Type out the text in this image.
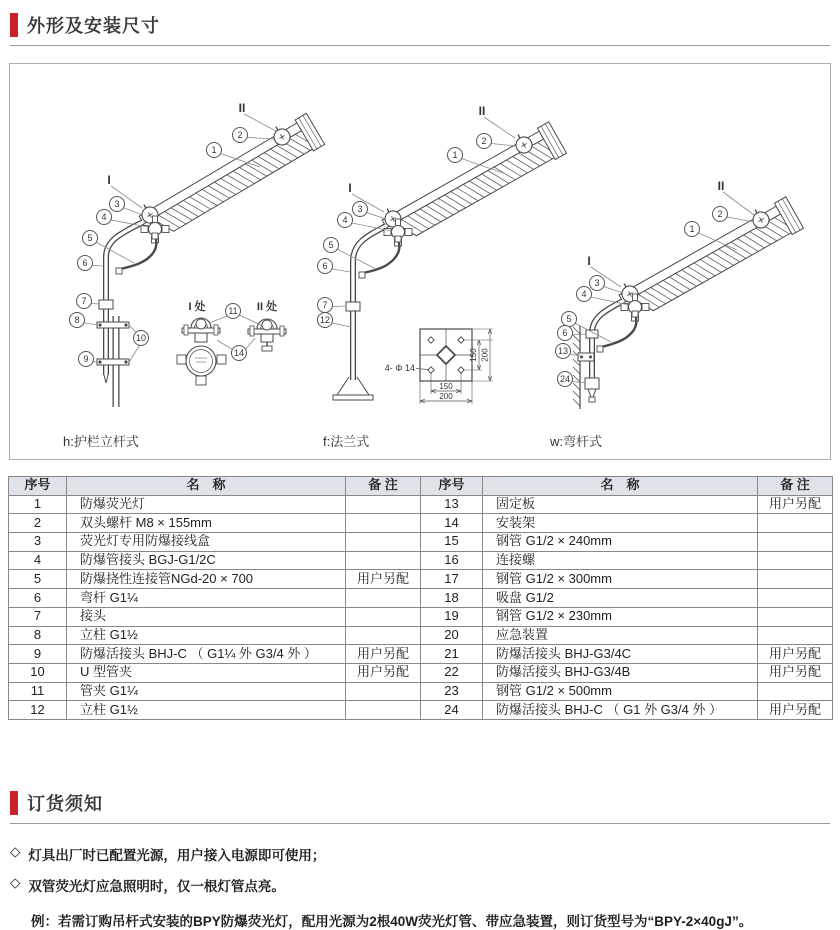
外形及安装尺寸
I 处	II 处
150 200
150
200
4- Φ 14
II
2
1
I
3
4
5
6
7
8
10
9
11
14
II
2
1
I
3
4
5
6
7
12
II
2
1
I
3
4
5
6
13
24
h:护栏立杆式	f:法兰式	w:弯杆式
序号	名　称	备 注	序号	名　称	备 注
1	防爆荧光灯		13	固定板	用户另配
2	双头螺杆 M8 × 155mm		14	安装架	
3	荧光灯专用防爆接线盒		15	钢管 G1/2 × 240mm	
4	防爆管接头 BGJ-G1/2C		16	连接螺	
5	防爆挠性连接管NGd-20 × 700	用户另配	17	钢管 G1/2 × 300mm	
6	弯杆 G1¼		18	吸盘 G1/2	
7	接头		19	钢管 G1/2 × 230mm	
8	立柱 G1½		20	应急装置	
9	防爆活接头 BHJ-C （ G1¼ 外 G3/4 外 ）	用户另配	21	防爆活接头 BHJ-G3/4C	用户另配
10	U 型管夹	用户另配	22	防爆活接头 BHJ-G3/4B	用户另配
11	管夹 G1¼		23	钢管 G1/2 × 500mm	
12	立柱 G1½		24	防爆活接头 BHJ-C （ G1 外 G3/4 外 ）	用户另配
订货须知
◇ 灯具出厂时已配置光源，用户接入电源即可使用；
◇ 双管荧光灯应急照明时，仅一根灯管点亮。
例：若需订购吊杆式安装的BPY防爆荧光灯，配用光源为2根40W荧光灯管、带应急装置，则订货型号为“BPY-2×40gJ”。
